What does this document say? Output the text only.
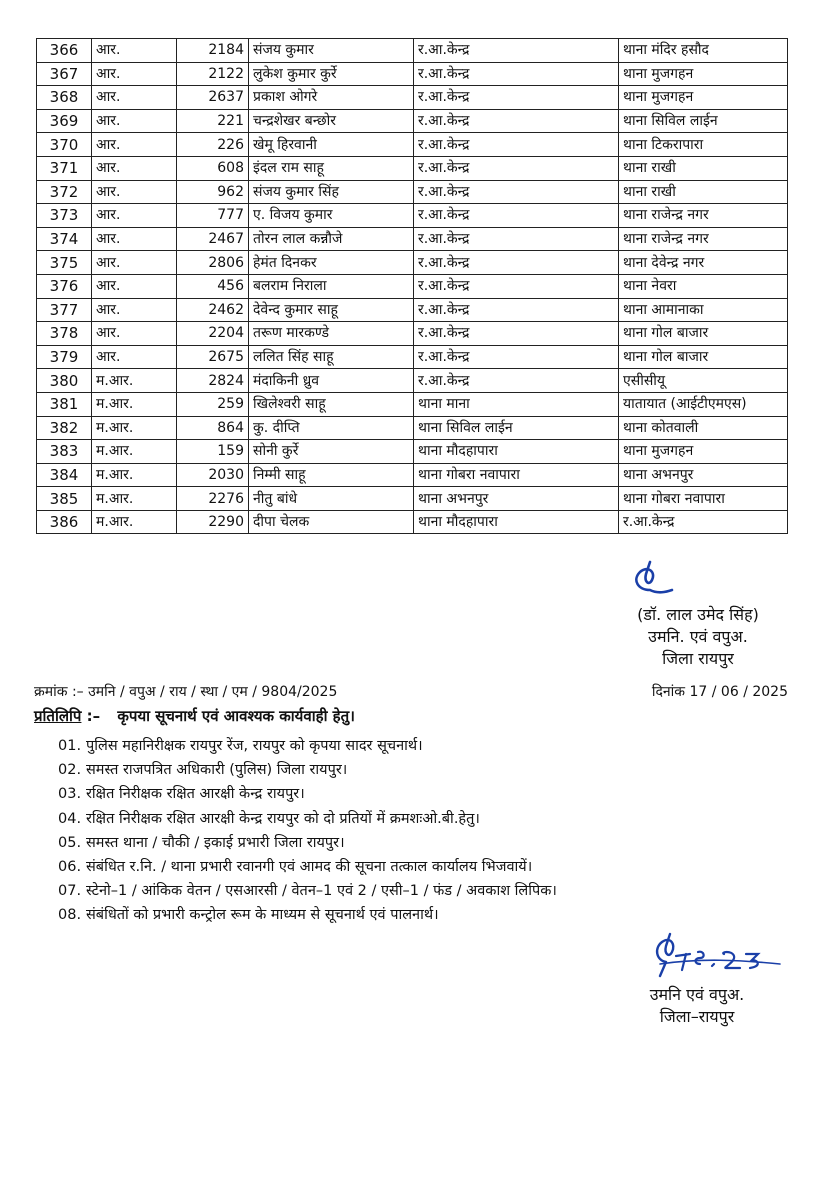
366	आर.	2184	संजय कुमार	र.आ.केन्द्र	थाना मंदिर हसौद
367	आर.	2122	लुकेश कुमार कुर्रे	र.आ.केन्द्र	थाना मुजगहन
368	आर.	2637	प्रकाश ओगरे	र.आ.केन्द्र	थाना मुजगहन
369	आर.	221	चन्द्रशेखर बन्छोर	र.आ.केन्द्र	थाना सिविल लाईन
370	आर.	226	खेमू हिरवानी	र.आ.केन्द्र	थाना टिकरापारा
371	आर.	608	इंदल राम साहू	र.आ.केन्द्र	थाना राखी
372	आर.	962	संजय कुमार सिंह	र.आ.केन्द्र	थाना राखी
373	आर.	777	ए. विजय कुमार	र.आ.केन्द्र	थाना राजेन्द्र नगर
374	आर.	2467	तोरन लाल कन्नौजे	र.आ.केन्द्र	थाना राजेन्द्र नगर
375	आर.	2806	हेमंत दिनकर	र.आ.केन्द्र	थाना देवेन्द्र नगर
376	आर.	456	बलराम निराला	र.आ.केन्द्र	थाना नेवरा
377	आर.	2462	देवेन्द कुमार साहू	र.आ.केन्द्र	थाना आमानाका
378	आर.	2204	तरूण मारकण्डे	र.आ.केन्द्र	थाना गोल बाजार
379	आर.	2675	ललित सिंह साहू	र.आ.केन्द्र	थाना गोल बाजार
380	म.आर.	2824	मंदाकिनी ध्रुव	र.आ.केन्द्र	एसीसीयू
381	म.आर.	259	खिलेश्वरी साहू	थाना माना	यातायात (आईटीएमएस)
382	म.आर.	864	कु. दीप्ति	थाना सिविल लाईन	थाना कोतवाली
383	म.आर.	159	सोनी कुर्रे	थाना मौदहापारा	थाना मुजगहन
384	म.आर.	2030	निम्मी साहू	थाना गोबरा नवापारा	थाना अभनपुर
385	म.आर.	2276	नीतु बांधे	थाना अभनपुर	थाना गोबरा नवापारा
386	म.आर.	2290	दीपा चेलक	थाना मौदहापारा	र.आ.केन्द्र
(डॉ. लाल उमेद सिंह)
उमनि. एवं वपुअ.
जिला रायपुर
क्रमांक :– उमनि / वपुअ / राय / स्था / एम / 9804/2025	दिनांक 17 / 06 / 2025
प्रतिलिपि :– कृपया सूचनार्थ एवं आवश्यक कार्यवाही हेतु।
01. पुलिस महानिरीक्षक रायपुर रेंज, रायपुर को कृपया सादर सूचनार्थ।
02. समस्त राजपत्रित अधिकारी (पुलिस) जिला रायपुर।
03. रक्षित निरीक्षक रक्षित आरक्षी केन्द्र रायपुर।
04. रक्षित निरीक्षक रक्षित आरक्षी केन्द्र रायपुर को दो प्रतियों में क्रमशःओ.बी.हेतु।
05. समस्त थाना / चौकी / इकाई प्रभारी जिला रायपुर।
06. संबंधित र.नि. / थाना प्रभारी रवानगी एवं आमद की सूचना तत्काल कार्यालय भिजवायें।
07. स्टेनो–1 / आंकिक वेतन / एसआरसी / वेतन–1 एवं 2 / एसी–1 / फंड / अवकाश लिपिक।
08. संबंधितों को प्रभारी कन्ट्रोल रूम के माध्यम से सूचनार्थ एवं पालनार्थ।
उमनि एवं वपुअ.
जिला–रायपुर
